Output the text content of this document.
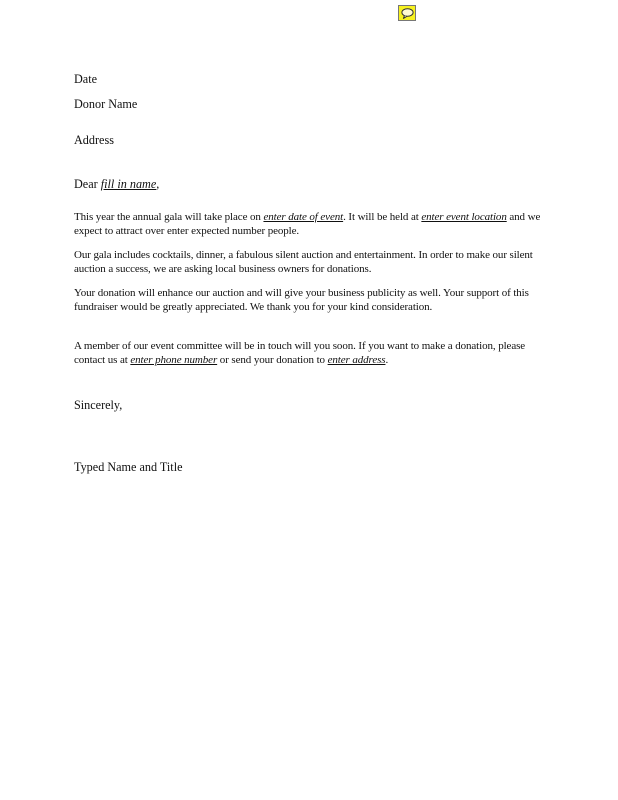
Date
Donor Name
Address
Dear fill in name,
This year the annual gala will take place on enter date of event. It will be held at enter event location and we expect to attract over enter expected number people.
Our gala includes cocktails, dinner, a fabulous silent auction and entertainment. In order to make our silent auction a success, we are asking local business owners for donations.
Your donation will enhance our auction and will give your business publicity as well. Your support of this fundraiser would be greatly appreciated. We thank you for your kind consideration.
A member of our event committee will be in touch will you soon. If you want to make a donation, please contact us at enter phone number or send your donation to enter address.
Sincerely,
Typed Name and Title
